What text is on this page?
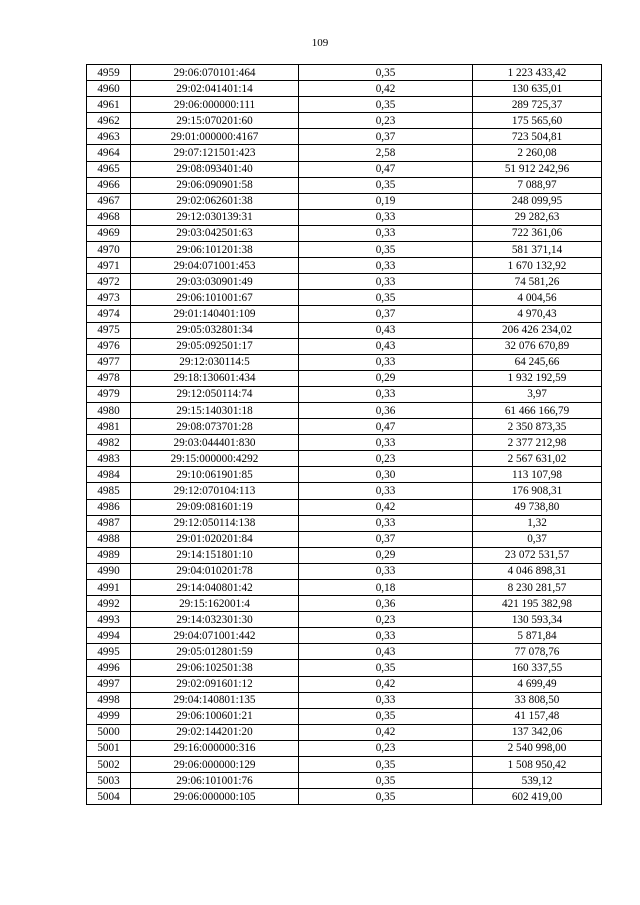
109
4959	29:06:070101:464	0,35	1 223 433,42
4960	29:02:041401:14	0,42	130 635,01
4961	29:06:000000:111	0,35	289 725,37
4962	29:15:070201:60	0,23	175 565,60
4963	29:01:000000:4167	0,37	723 504,81
4964	29:07:121501:423	2,58	2 260,08
4965	29:08:093401:40	0,47	51 912 242,96
4966	29:06:090901:58	0,35	7 088,97
4967	29:02:062601:38	0,19	248 099,95
4968	29:12:030139:31	0,33	29 282,63
4969	29:03:042501:63	0,33	722 361,06
4970	29:06:101201:38	0,35	581 371,14
4971	29:04:071001:453	0,33	1 670 132,92
4972	29:03:030901:49	0,33	74 581,26
4973	29:06:101001:67	0,35	4 004,56
4974	29:01:140401:109	0,37	4 970,43
4975	29:05:032801:34	0,43	206 426 234,02
4976	29:05:092501:17	0,43	32 076 670,89
4977	29:12:030114:5	0,33	64 245,66
4978	29:18:130601:434	0,29	1 932 192,59
4979	29:12:050114:74	0,33	3,97
4980	29:15:140301:18	0,36	61 466 166,79
4981	29:08:073701:28	0,47	2 350 873,35
4982	29:03:044401:830	0,33	2 377 212,98
4983	29:15:000000:4292	0,23	2 567 631,02
4984	29:10:061901:85	0,30	113 107,98
4985	29:12:070104:113	0,33	176 908,31
4986	29:09:081601:19	0,42	49 738,80
4987	29:12:050114:138	0,33	1,32
4988	29:01:020201:84	0,37	0,37
4989	29:14:151801:10	0,29	23 072 531,57
4990	29:04:010201:78	0,33	4 046 898,31
4991	29:14:040801:42	0,18	8 230 281,57
4992	29:15:162001:4	0,36	421 195 382,98
4993	29:14:032301:30	0,23	130 593,34
4994	29:04:071001:442	0,33	5 871,84
4995	29:05:012801:59	0,43	77 078,76
4996	29:06:102501:38	0,35	160 337,55
4997	29:02:091601:12	0,42	4 699,49
4998	29:04:140801:135	0,33	33 808,50
4999	29:06:100601:21	0,35	41 157,48
5000	29:02:144201:20	0,42	137 342,06
5001	29:16:000000:316	0,23	2 540 998,00
5002	29:06:000000:129	0,35	1 508 950,42
5003	29:06:101001:76	0,35	539,12
5004	29:06:000000:105	0,35	602 419,00
